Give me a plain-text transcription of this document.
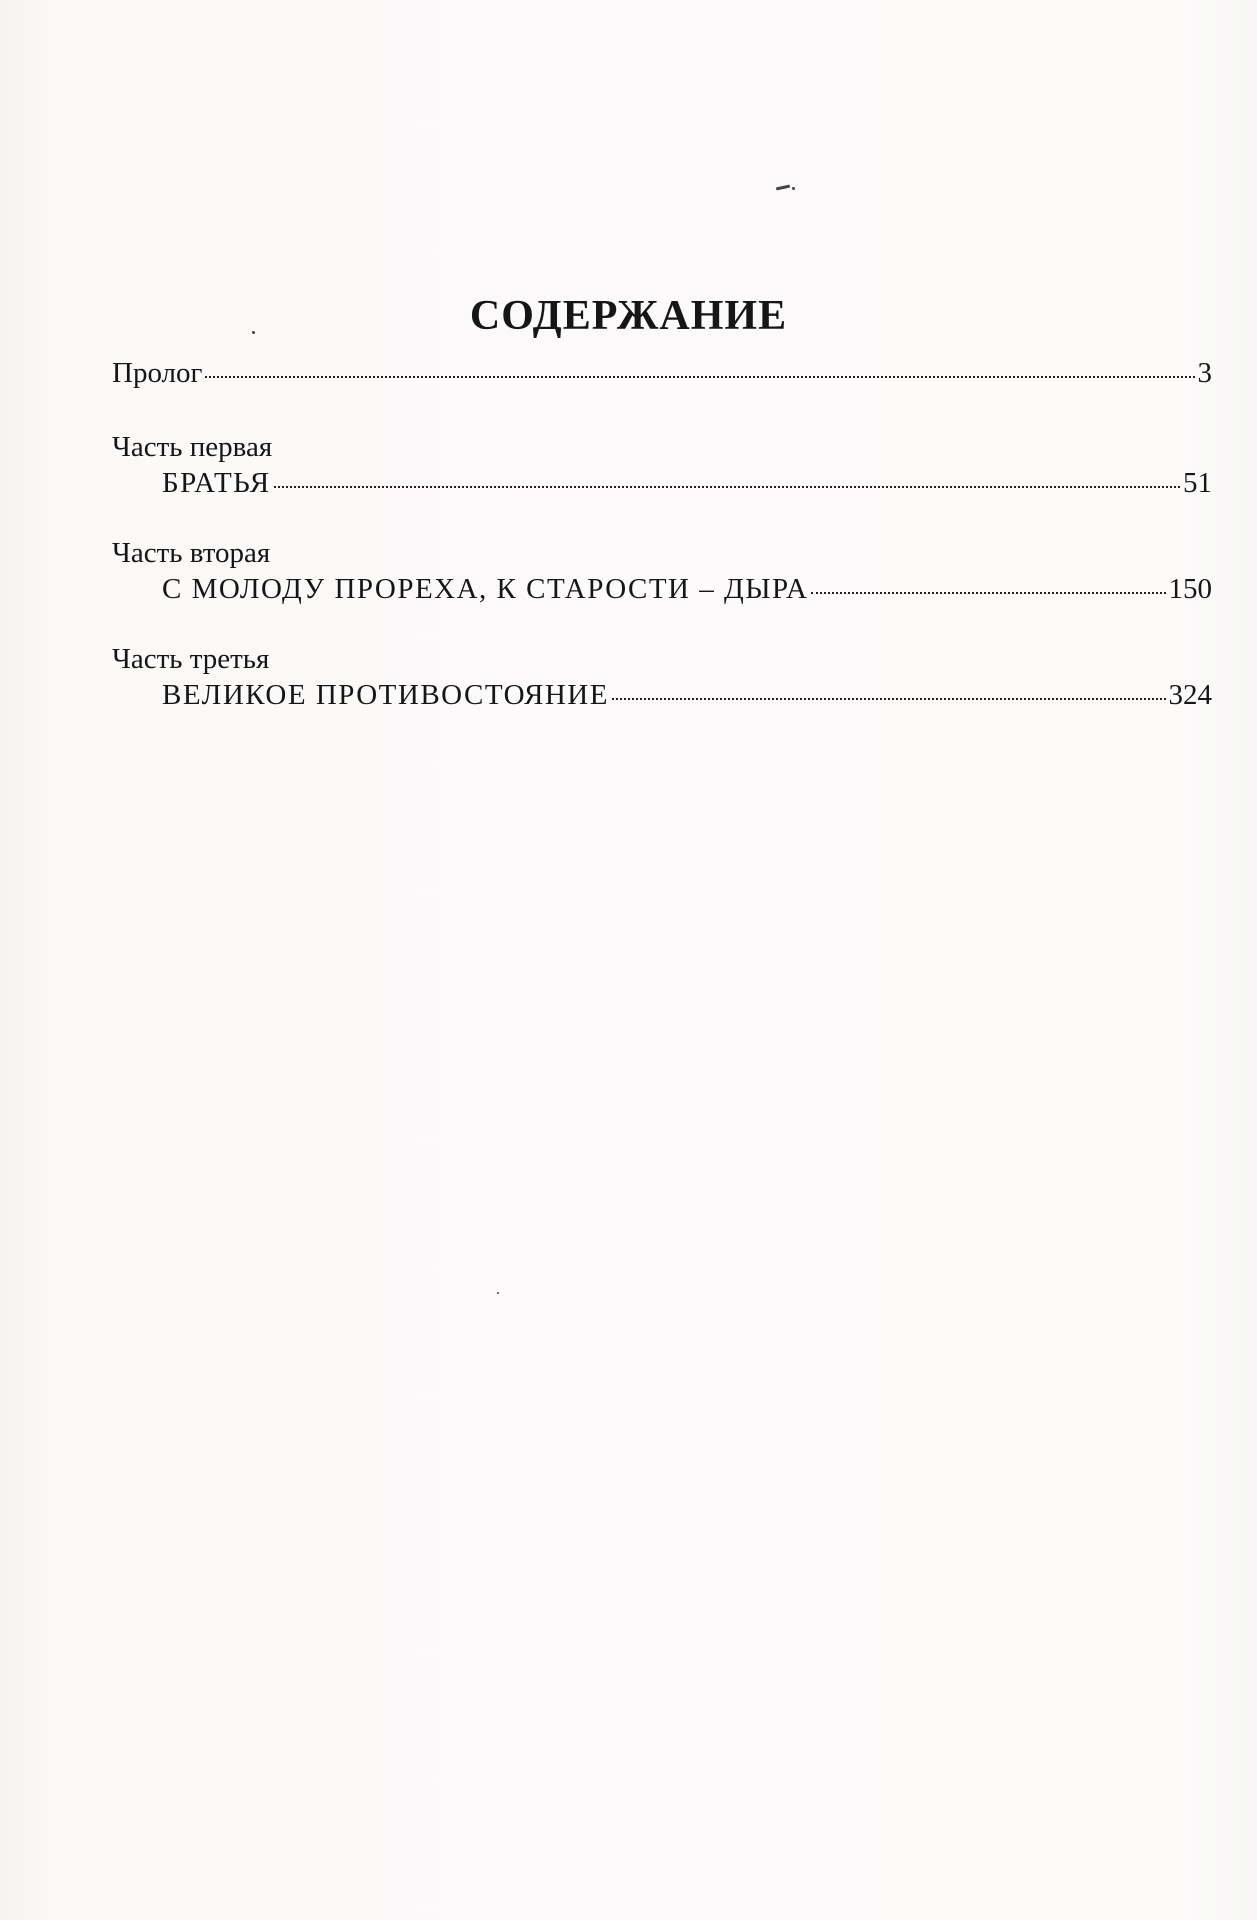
СОДЕРЖАНИЕ
Пролог	3

Часть первая

БРАТЬЯ	51

Часть вторая

С МОЛОДУ ПРОРЕХА, К СТАРОСТИ – ДЫРА	150

Часть третья

ВЕЛИКОЕ ПРОТИВОСТОЯНИЕ	324
